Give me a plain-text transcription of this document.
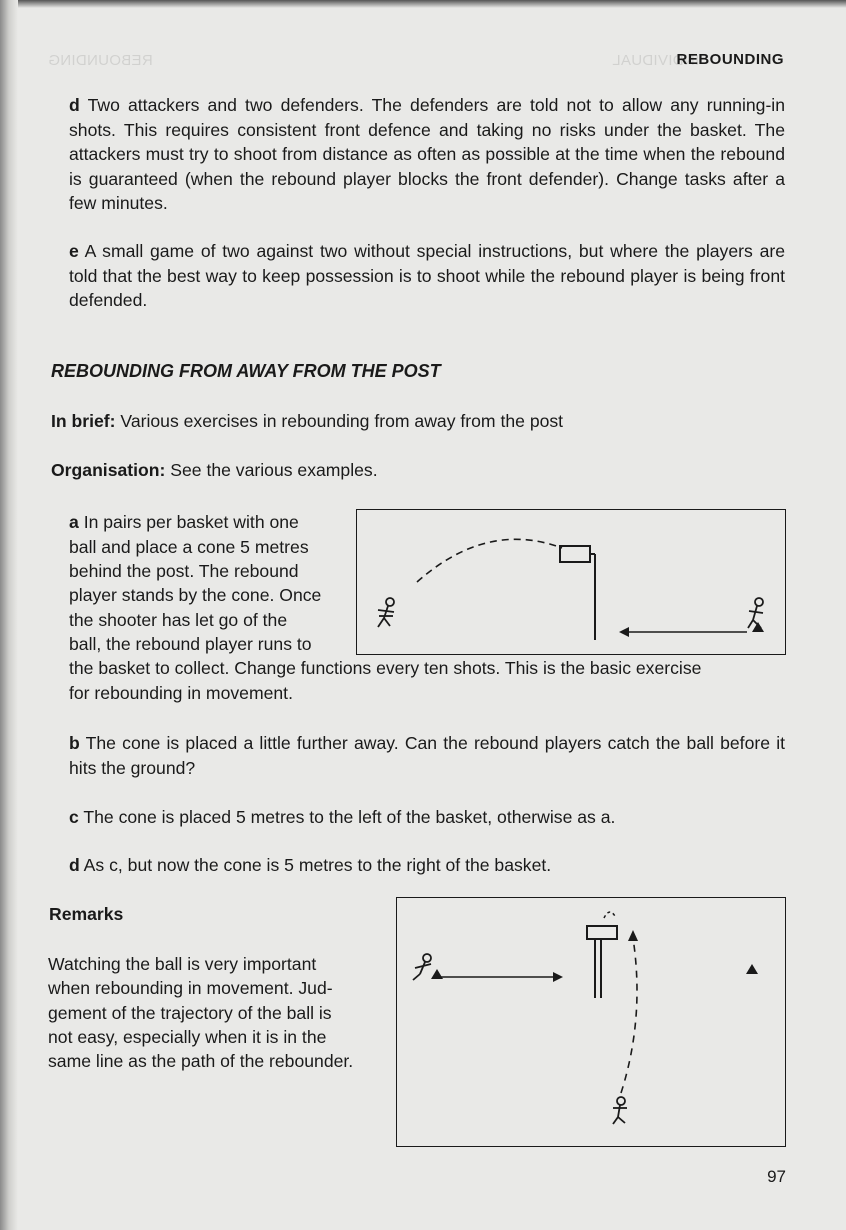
REBOUNDING	INDIVIDUAL
REBOUNDING

d Two attackers and two defenders. The defenders are told not to allow any running-in shots. This requires consistent front defence and taking no risks under the basket. The attackers must try to shoot from distance as often as possible at the time when the rebound is guaranteed (when the rebound player blocks the front defender). Change tasks after a few minutes.

e A small game of two against two without special instructions, but where the players are told that the best way to keep possession is to shoot while the rebound player is being front defended.

REBOUNDING FROM AWAY FROM THE POST
In brief: Various exercises in rebounding from away from the post
Organisation: See the various examples.
a In pairs per basket with one
ball and place a cone 5 metres
behind the post. The rebound
player stands by the cone. Once
the shooter has let go of the
ball, the rebound player runs to
the basket to collect. Change functions every ten shots. This is the basic exercise
for rebounding in movement.

b The cone is placed a little further away. Can the rebound players catch the ball before it hits the ground?

c The cone is placed 5 metres to the left of the basket, otherwise as a.

d As c, but now the cone is 5 metres to the right of the basket.

Remarks
Watching the ball is very important
when rebounding in movement. Jud-
gement of the trajectory of the ball is
not easy, especially when it is in the
same line as the path of the rebounder.
97
